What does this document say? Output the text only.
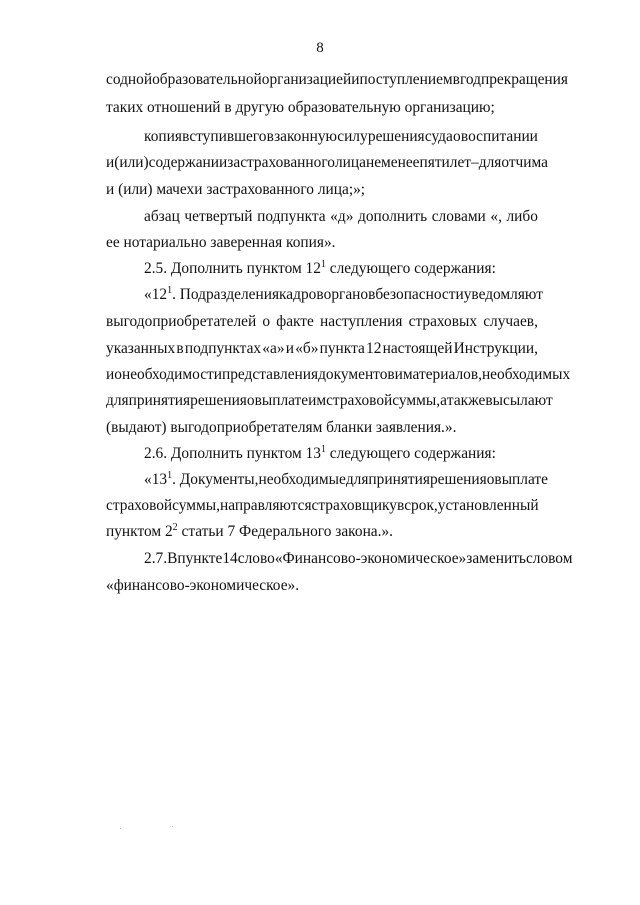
8
с одной образовательной организацией и поступлением в год прекращения
таких отношений в другую образовательную организацию;
копия вступившего в законную силу решения суда о воспитании
и (или) содержании застрахованного лица не менее пяти лет – для отчима
и (или) мачехи застрахованного лица;»;
абзац четвертый подпункта «д» дополнить словами «, либо
ее нотариально заверенная копия».
2.5. Дополнить пунктом $12^1$ следующего содержания:
«$12^1$. Подразделения кадров органов безопасности уведомляют
выгодоприобретателей о факте наступления страховых случаев,
указанных в подпунктах «а» и «б» пункта 12 настоящей Инструкции,
и о необходимости представления документов и материалов, необходимых
для принятия решения о выплате им страховой суммы, а также высылают
(выдают) выгодоприобретателям бланки заявления.».
2.6. Дополнить пунктом $13^1$ следующего содержания:
«$13^1$. Документы, необходимые для принятия решения о выплате
страховой суммы, направляются страховщику в срок, установленный
пунктом $2^2$ статьи 7 Федерального закона.».
2.7. В пункте 14 слово «Финансово-экономическое» заменить словом
«финансово-экономическое».
